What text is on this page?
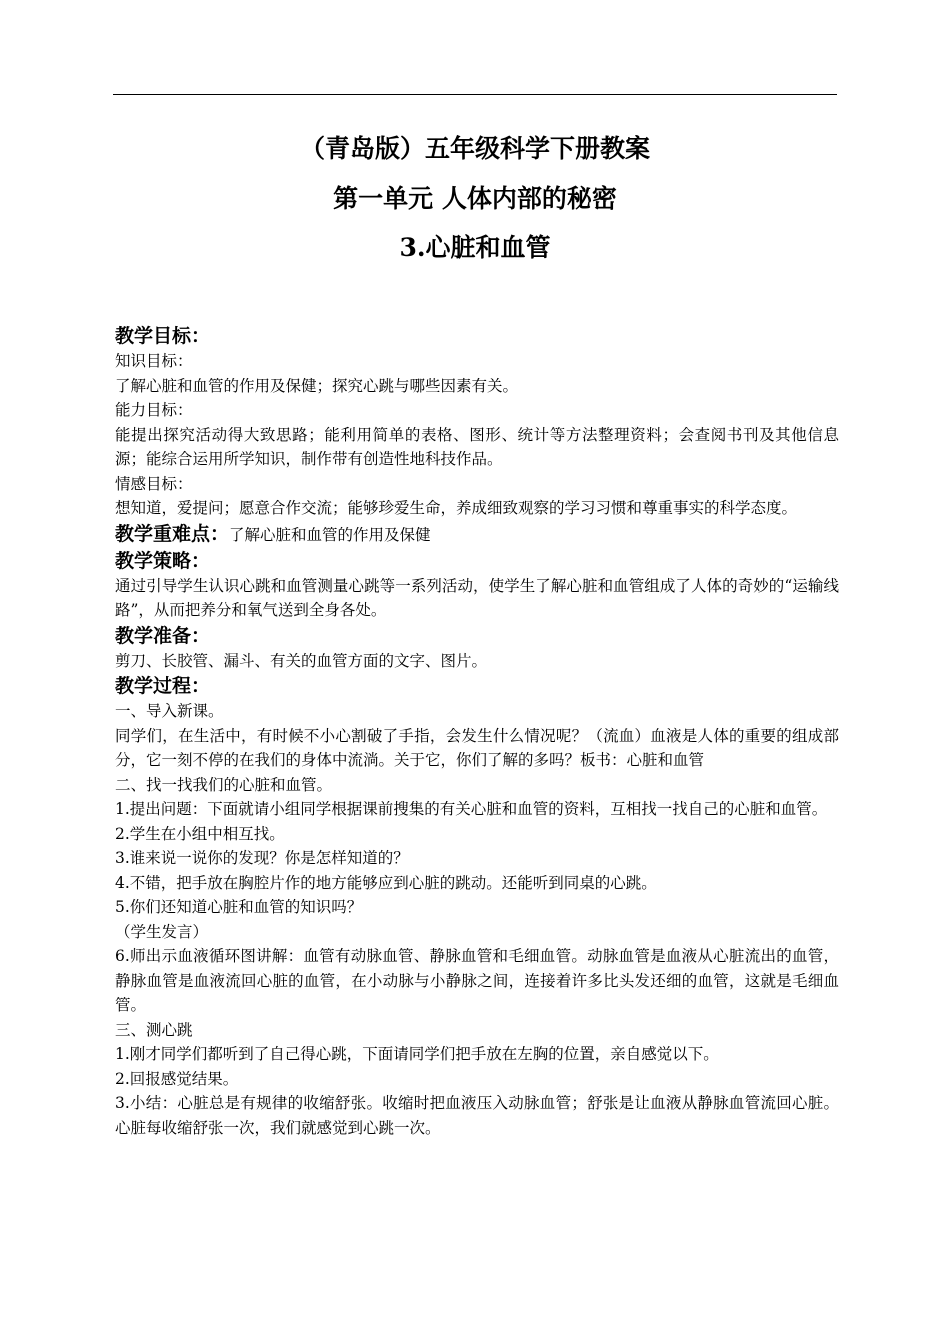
（青岛版）五年级科学下册教案
第一单元 人体内部的秘密
3.心脏和血管
教学目标：
知识目标：
了解心脏和血管的作用及保健；探究心跳与哪些因素有关。
能力目标：
能提出探究活动得大致思路；能利用简单的表格、图形、统计等方法整理资料；会查阅书刊及其他信息源；能综合运用所学知识，制作带有创造性地科技作品。
情感目标：
想知道，爱提问；愿意合作交流；能够珍爱生命，养成细致观察的学习习惯和尊重事实的科学态度。
教学重难点：了解心脏和血管的作用及保健
教学策略：
通过引导学生认识心跳和血管测量心跳等一系列活动，使学生了解心脏和血管组成了人体的奇妙的“运输线路”，从而把养分和氧气送到全身各处。
教学准备：
剪刀、长胶管、漏斗、有关的血管方面的文字、图片。
教学过程：
一、导入新课。
同学们，在生活中，有时候不小心割破了手指，会发生什么情况呢？（流血）血液是人体的重要的组成部分，它一刻不停的在我们的身体中流淌。关于它，你们了解的多吗？板书：心脏和血管
二、找一找我们的心脏和血管。
1.提出问题：下面就请小组同学根据课前搜集的有关心脏和血管的资料，互相找一找自己的心脏和血管。
2.学生在小组中相互找。
3.谁来说一说你的发现？你是怎样知道的？
4.不错，把手放在胸腔片作的地方能够应到心脏的跳动。还能听到同桌的心跳。
5.你们还知道心脏和血管的知识吗？
（学生发言）
6.师出示血液循环图讲解：血管有动脉血管、静脉血管和毛细血管。动脉血管是血液从心脏流出的血管，静脉血管是血液流回心脏的血管，在小动脉与小静脉之间，连接着许多比头发还细的血管，这就是毛细血管。
三、测心跳
1.刚才同学们都听到了自己得心跳，下面请同学们把手放在左胸的位置，亲自感觉以下。
2.回报感觉结果。
3.小结：心脏总是有规律的收缩舒张。收缩时把血液压入动脉血管；舒张是让血液从静脉血管流回心脏。心脏每收缩舒张一次，我们就感觉到心跳一次。
